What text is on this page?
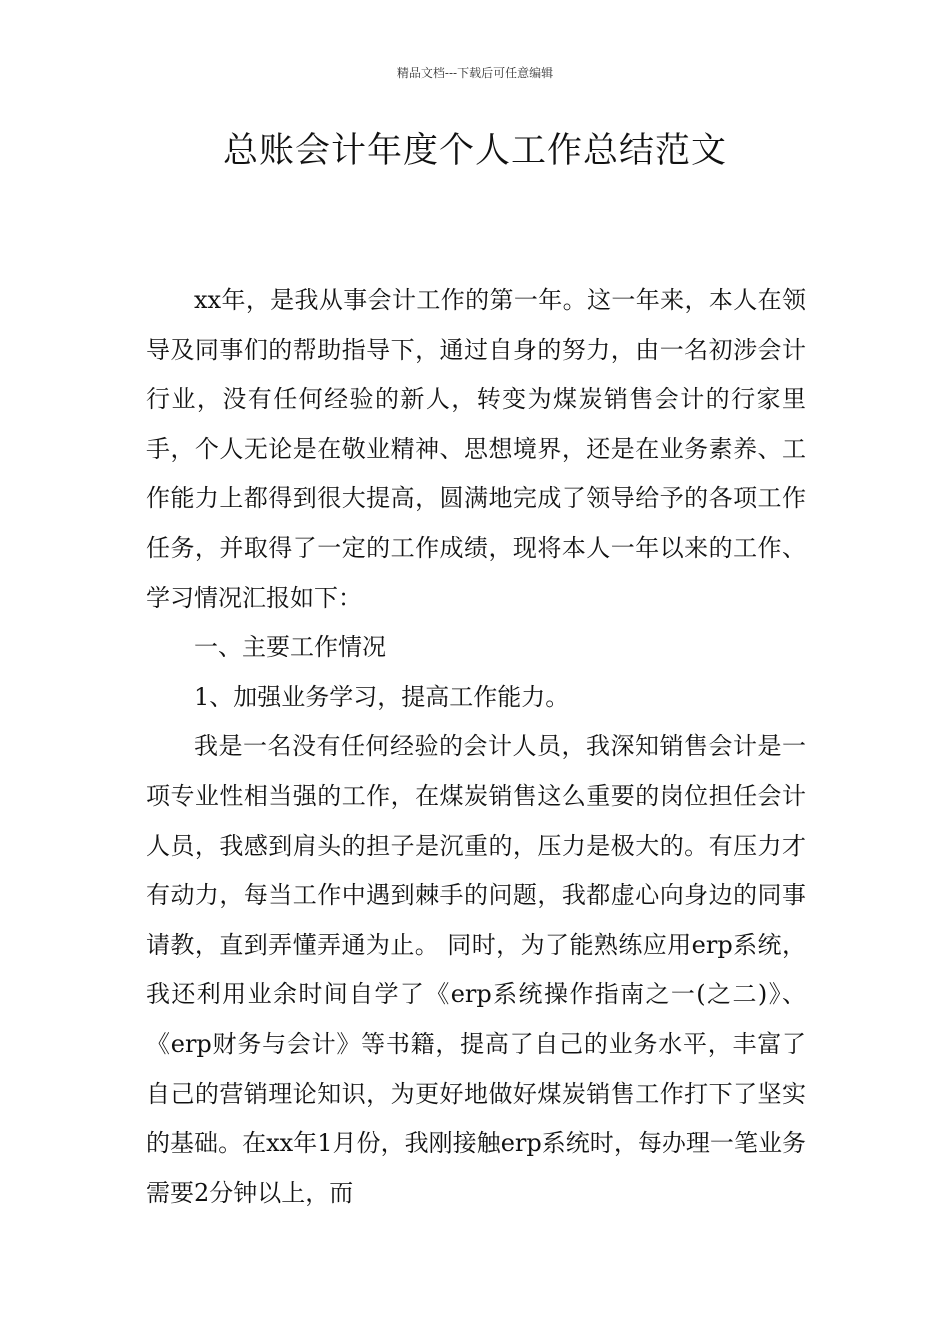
精品文档---下载后可任意编辑
总账会计年度个人工作总结范文

xx年，是我从事会计工作的第一年。这一年来，本人在领导及同事们的帮助指导下，通过自身的努力，由一名初涉会计行业，没有任何经验的新人，转变为煤炭销售会计的行家里手，个人无论是在敬业精神、思想境界，还是在业务素养、工作能力上都得到很大提高，圆满地完成了领导给予的各项工作任务，并取得了一定的工作成绩，现将本人一年以来的工作、学习情况汇报如下：

一、主要工作情况

1、加强业务学习，提高工作能力。

我是一名没有任何经验的会计人员，我深知销售会计是一项专业性相当强的工作，在煤炭销售这么重要的岗位担任会计人员，我感到肩头的担子是沉重的，压力是极大的。有压力才有动力，每当工作中遇到棘手的问题，我都虚心向身边的同事请教，直到弄懂弄通为止。 同时，为了能熟练应用erp系统，我还利用业余时间自学了《erp系统操作指南之一(之二)》、《erp财务与会计》等书籍，提高了自己的业务水平，丰富了自己的营销理论知识，为更好地做好煤炭销售工作打下了坚实的基础。在xx年1月份，我刚接触erp系统时，每办理一笔业务需要2分钟以上，而
